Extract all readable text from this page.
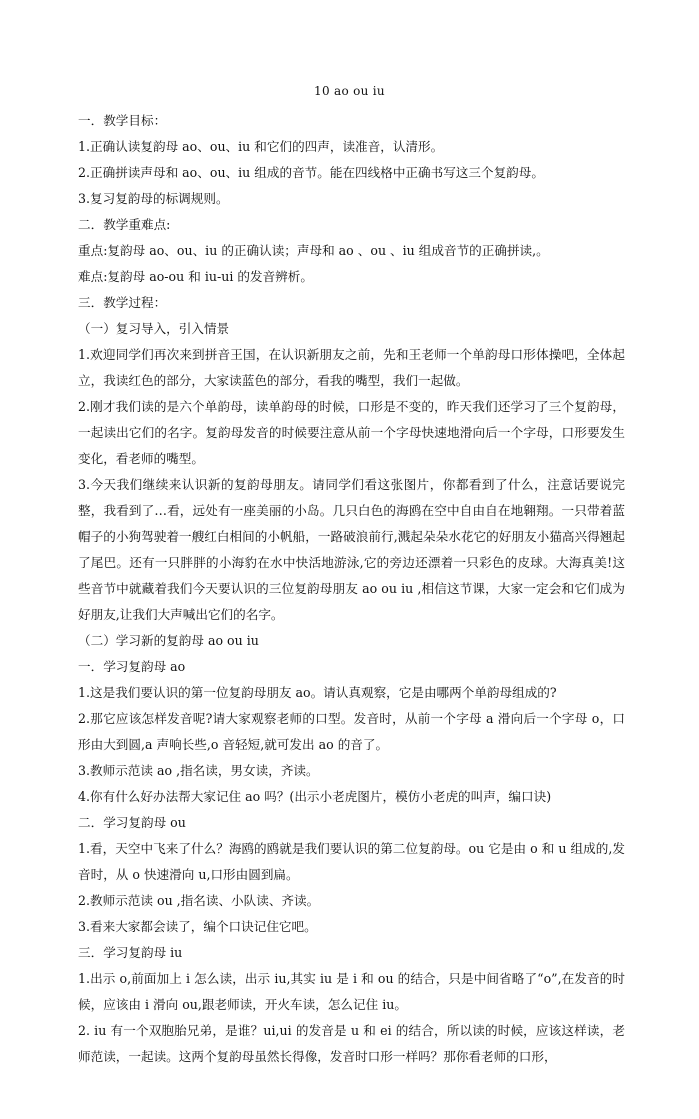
10 ao ou iu
一．教学目标：
1.正确认读复韵母 ao、ou、iu 和它们的四声，读准音，认清形。
2.正确拼读声母和 ao、ou、iu 组成的音节。能在四线格中正确书写这三个复韵母。
3.复习复韵母的标调规则。
二．教学重难点:
重点:复韵母 ao、ou、iu 的正确认读；声母和 ao 、ou 、iu 组成音节的正确拼读,。
难点:复韵母 ao-ou 和 iu-ui 的发音辨析。
三．教学过程：
（一）复习导入，引入情景
1.欢迎同学们再次来到拼音王国，在认识新朋友之前，先和王老师一个单韵母口形体操吧，全体起立，我读红色的部分，大家读蓝色的部分，看我的嘴型，我们一起做。
2.刚才我们读的是六个单韵母，读单韵母的时候，口形是不变的，昨天我们还学习了三个复韵母，一起读出它们的名字。复韵母发音的时候要注意从前一个字母快速地滑向后一个字母，口形要发生变化，看老师的嘴型。
3.今天我们继续来认识新的复韵母朋友。请同学们看这张图片，你都看到了什么，注意话要说完整，我看到了…看，远处有一座美丽的小岛。几只白色的海鸥在空中自由自在地翱翔。一只带着蓝帽子的小狗驾驶着一艘红白相间的小帆船，一路破浪前行,溅起朵朵水花它的好朋友小猫高兴得翘起了尾巴。还有一只胖胖的小海豹在水中快活地游泳,它的旁边还漂着一只彩色的皮球。大海真美!这些音节中就藏着我们今天要认识的三位复韵母朋友 ao ou iu ,相信这节课，大家一定会和它们成为好朋友,让我们大声喊出它们的名字。
（二）学习新的复韵母 ao ou iu
一．学习复韵母 ao
1.这是我们要认识的第一位复韵母朋友 ao。请认真观察，它是由哪两个单韵母组成的?
2.那它应该怎样发音呢?请大家观察老师的口型。发音时，从前一个字母 a 滑向后一个字母 o，口形由大到圆,a 声响长些,o 音轻短,就可发出 ao 的音了。
3.教师示范读 ao ,指名读，男女读，齐读。
4.你有什么好办法帮大家记住 ao 吗？(出示小老虎图片，模仿小老虎的叫声，编口诀)
二．学习复韵母 ou
1.看，天空中飞来了什么？海鸥的鸥就是我们要认识的第二位复韵母。ou 它是由 o 和 u 组成的,发音时，从 o 快速滑向 u,口形由圆到扁。
2.教师示范读 ou ,指名读、小队读、齐读。
3.看来大家都会读了，编个口诀记住它吧。
三．学习复韵母 iu
1.出示 o,前面加上 i 怎么读，出示 iu,其实 iu 是 i 和 ou 的结合，只是中间省略了“o”,在发音的时候，应该由 i 滑向 ou,跟老师读，开火车读，怎么记住 iu。
2. iu 有一个双胞胎兄弟，是谁？ui,ui 的发音是 u 和 ei 的结合，所以读的时候，应该这样读，老师范读，一起读。这两个复韵母虽然长得像，发音时口形一样吗？那你看老师的口形，
